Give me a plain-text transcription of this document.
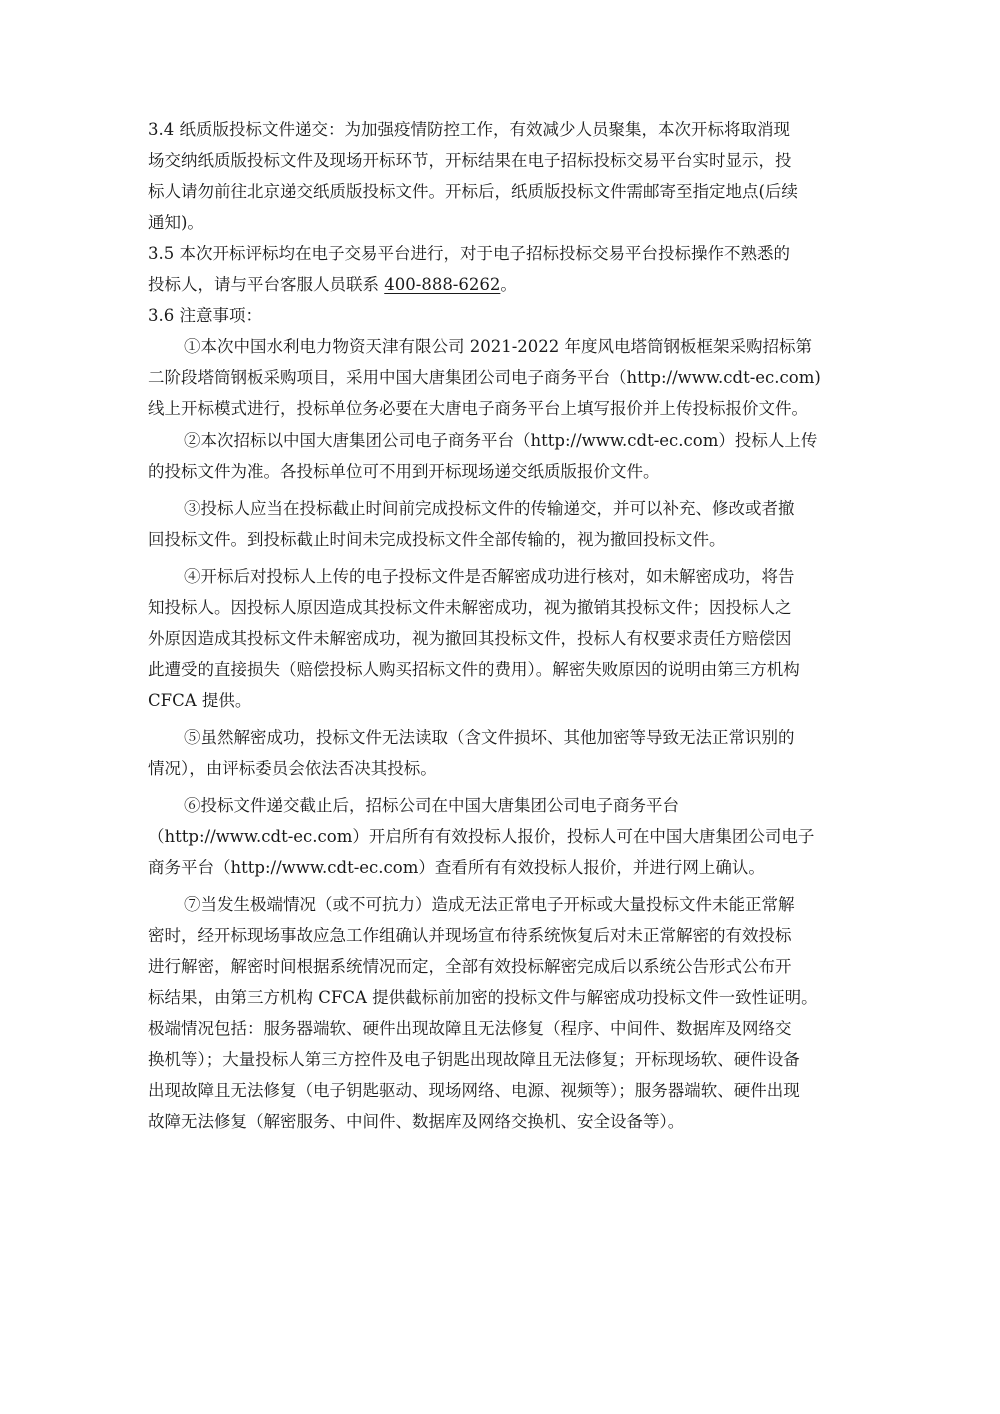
3.4 纸质版投标文件递交：为加强疫情防控工作，有效减少人员聚集，本次开标将取消现
场交纳纸质版投标文件及现场开标环节，开标结果在电子招标投标交易平台实时显示，投
标人请勿前往北京递交纸质版投标文件。开标后，纸质版投标文件需邮寄至指定地点(后续
通知)。
3.5 本次开标评标均在电子交易平台进行，对于电子招标投标交易平台投标操作不熟悉的
投标人，请与平台客服人员联系 400-888-6262。
3.6 注意事项：
①本次中国水利电力物资天津有限公司 2021-2022 年度风电塔筒钢板框架采购招标第
二阶段塔筒钢板采购项目，采用中国大唐集团公司电子商务平台（http://www.cdt-ec.com)
线上开标模式进行，投标单位务必要在大唐电子商务平台上填写报价并上传投标报价文件。
②本次招标以中国大唐集团公司电子商务平台（http://www.cdt-ec.com）投标人上传
的投标文件为准。各投标单位可不用到开标现场递交纸质版报价文件。
③投标人应当在投标截止时间前完成投标文件的传输递交，并可以补充、修改或者撤
回投标文件。到投标截止时间未完成投标文件全部传输的，视为撤回投标文件。
④开标后对投标人上传的电子投标文件是否解密成功进行核对，如未解密成功，将告
知投标人。因投标人原因造成其投标文件未解密成功，视为撤销其投标文件；因投标人之
外原因造成其投标文件未解密成功，视为撤回其投标文件，投标人有权要求责任方赔偿因
此遭受的直接损失（赔偿投标人购买招标文件的费用）。解密失败原因的说明由第三方机构
CFCA 提供。
⑤虽然解密成功，投标文件无法读取（含文件损坏、其他加密等导致无法正常识别的
情况），由评标委员会依法否决其投标。
⑥投标文件递交截止后，招标公司在中国大唐集团公司电子商务平台
（http://www.cdt-ec.com）开启所有有效投标人报价，投标人可在中国大唐集团公司电子
商务平台（http://www.cdt-ec.com）查看所有有效投标人报价，并进行网上确认。
⑦当发生极端情况（或不可抗力）造成无法正常电子开标或大量投标文件未能正常解
密时，经开标现场事故应急工作组确认并现场宣布待系统恢复后对未正常解密的有效投标
进行解密，解密时间根据系统情况而定，全部有效投标解密完成后以系统公告形式公布开
标结果，由第三方机构 CFCA 提供截标前加密的投标文件与解密成功投标文件一致性证明。
极端情况包括：服务器端软、硬件出现故障且无法修复（程序、中间件、数据库及网络交
换机等）；大量投标人第三方控件及电子钥匙出现故障且无法修复；开标现场软、硬件设备
出现故障且无法修复（电子钥匙驱动、现场网络、电源、视频等）；服务器端软、硬件出现
故障无法修复（解密服务、中间件、数据库及网络交换机、安全设备等）。
